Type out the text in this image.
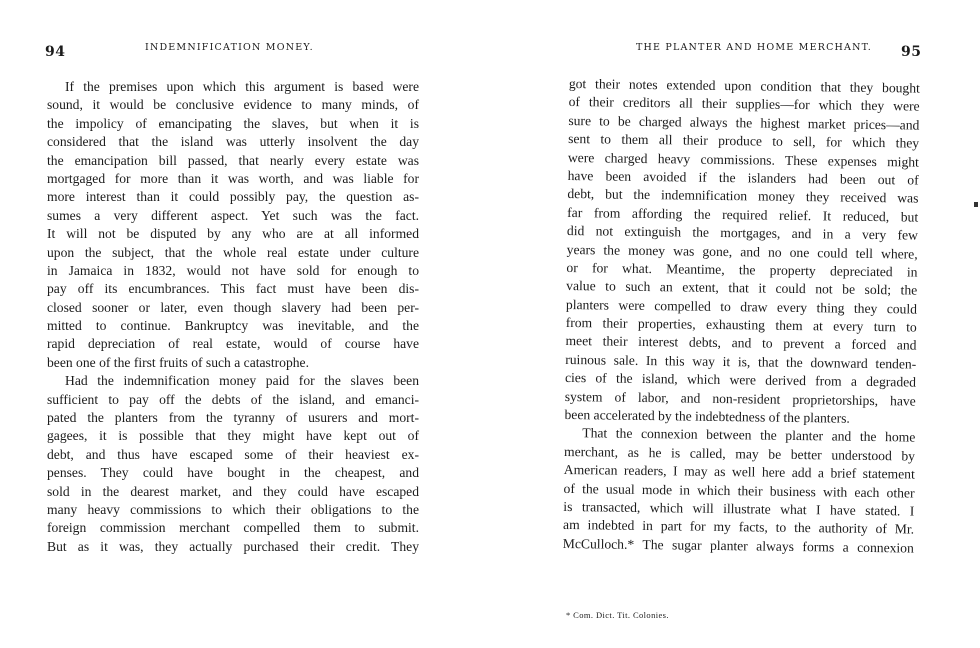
94	INDEMNIFICATION MONEY.
If the premises upon which this argument is based were
sound, it would be conclusive evidence to many minds, of
the impolicy of emancipating the slaves, but when it is
considered that the island was utterly insolvent the day
the emancipation bill passed, that nearly every estate was
mortgaged for more than it was worth, and was liable for
more interest than it could possibly pay, the question as-
sumes a very different aspect. Yet such was the fact.
It will not be disputed by any who are at all informed
upon the subject, that the whole real estate under culture
in Jamaica in 1832, would not have sold for enough to
pay off its encumbrances. This fact must have been dis-
closed sooner or later, even though slavery had been per-
mitted to continue. Bankruptcy was inevitable, and the
rapid depreciation of real estate, would of course have
been one of the first fruits of such a catastrophe.
Had the indemnification money paid for the slaves been
sufficient to pay off the debts of the island, and emanci-
pated the planters from the tyranny of usurers and mort-
gagees, it is possible that they might have kept out of
debt, and thus have escaped some of their heaviest ex-
penses. They could have bought in the cheapest, and
sold in the dearest market, and they could have escaped
many heavy commissions to which their obligations to the
foreign commission merchant compelled them to submit.
But as it was, they actually purchased their credit. They
THE PLANTER AND HOME MERCHANT. 95
got their notes extended upon condition that they bought
of their creditors all their supplies—for which they were
sure to be charged always the highest market prices—and
sent to them all their produce to sell, for which they
were charged heavy commissions. These expenses might
have been avoided if the islanders had been out of
debt, but the indemnification money they received was
far from affording the required relief. It reduced, but
did not extinguish the mortgages, and in a very few
years the money was gone, and no one could tell where,
or for what. Meantime, the property depreciated in
value to such an extent, that it could not be sold; the
planters were compelled to draw every thing they could
from their properties, exhausting them at every turn to
meet their interest debts, and to prevent a forced and
ruinous sale. In this way it is, that the downward tenden-
cies of the island, which were derived from a degraded
system of labor, and non-resident proprietorships, have
been accelerated by the indebtedness of the planters.
That the connexion between the planter and the home
merchant, as he is called, may be better understood by
American readers, I may as well here add a brief statement
of the usual mode in which their business with each other
is transacted, which will illustrate what I have stated. I
am indebted in part for my facts, to the authority of Mr.
McCulloch.* The sugar planter always forms a connexion
* Com. Dict. Tit. Colonies.
